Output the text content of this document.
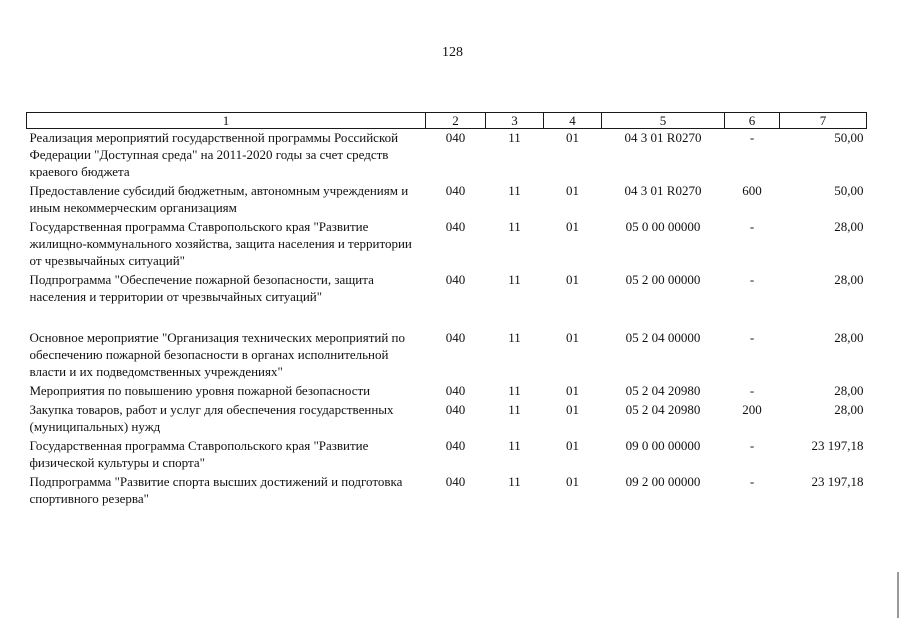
128
1	2	3	4	5	6	7
Реализация мероприятий государственной программы Российской Федерации "Доступная среда" на 2011-2020 годы за счет средств краевого бюджета	040	11	01	04 3 01 R0270	-	50,00
Предоставление субсидий бюджетным, автономным учреждениям и иным некоммерческим организациям	040	11	01	04 3 01 R0270	600	50,00
Государственная программа Ставропольского края "Развитие жилищно-коммунального хозяйства, защита населения и территории от чрезвычайных ситуаций"	040	11	01	05 0 00 00000	-	28,00
Подпрограмма "Обеспечение пожарной безопасности, защита населения и территории от чрезвычайных ситуаций"	040	11	01	05 2 00 00000	-	28,00
Основное мероприятие "Организация технических мероприятий по обеспечению пожарной безопасности в органах исполнительной власти и их подведомственных учреждениях"	040	11	01	05 2 04 00000	-	28,00
Мероприятия по повышению уровня пожарной безопасности	040	11	01	05 2 04 20980	-	28,00
Закупка товаров, работ и услуг для обеспечения государственных (муниципальных) нужд	040	11	01	05 2 04 20980	200	28,00
Государственная программа Ставропольского края "Развитие физической культуры и спорта"	040	11	01	09 0 00 00000	-	23 197,18
Подпрограмма "Развитие спорта высших достижений и подготовка спортивного резерва"	040	11	01	09 2 00 00000	-	23 197,18
